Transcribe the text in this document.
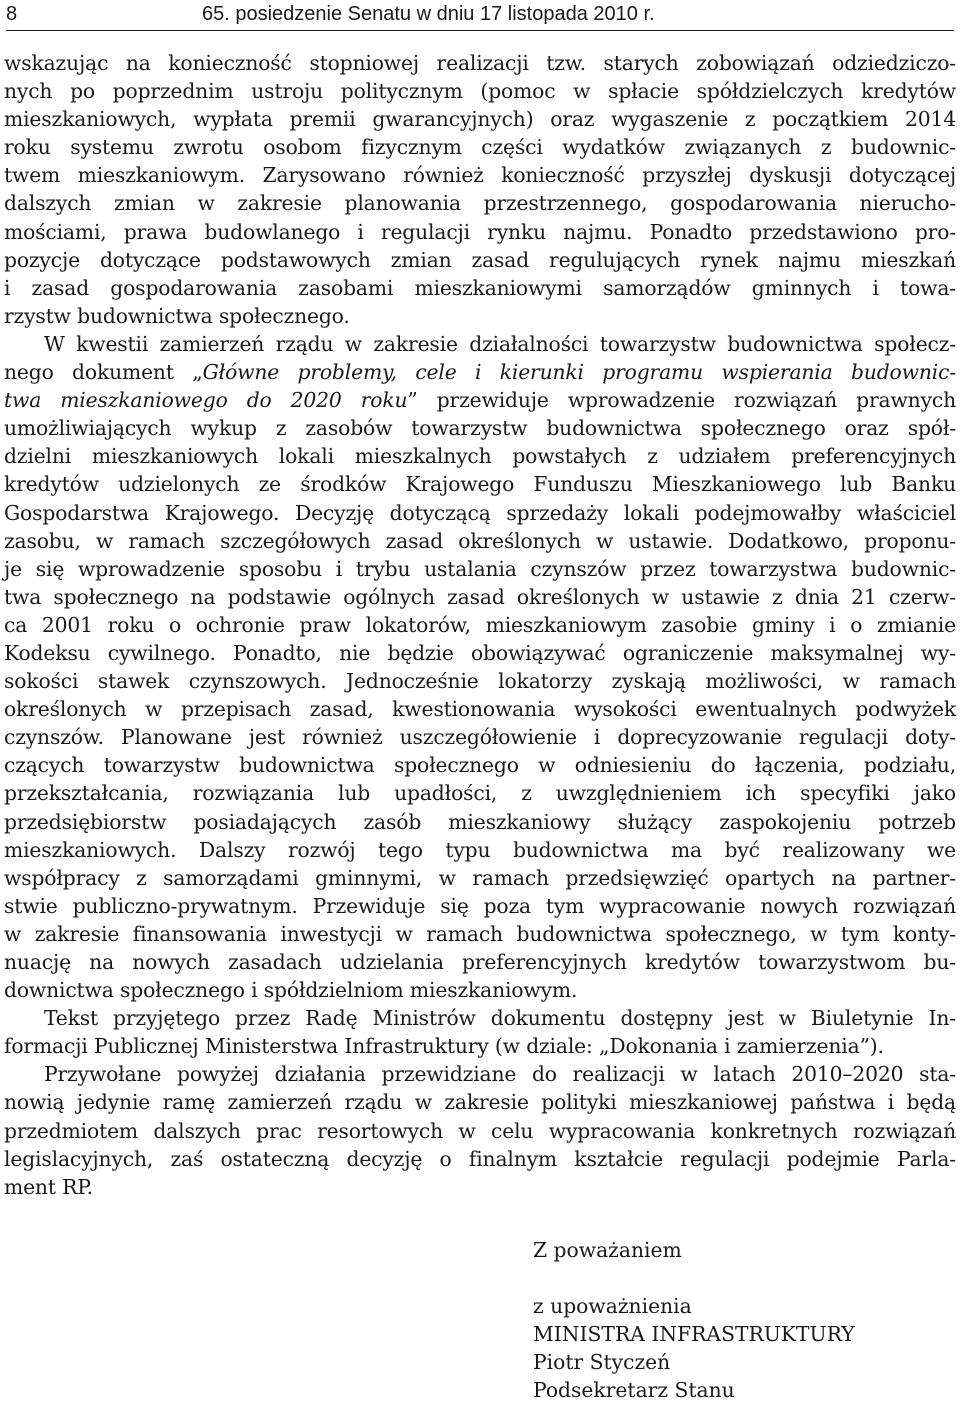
8	65. posiedzenie Senatu w dniu 17 listopada 2010 r.
wskazując na konieczność stopniowej realizacji tzw. starych zobowiązań odziedziczo-
nych po poprzednim ustroju politycznym (pomoc w spłacie spółdzielczych kredytów
mieszkaniowych, wypłata premii gwarancyjnych) oraz wygaszenie z początkiem 2014
roku systemu zwrotu osobom fizycznym części wydatków związanych z budownic-
twem mieszkaniowym. Zarysowano również konieczność przyszłej dyskusji dotyczącej
dalszych zmian w zakresie planowania przestrzennego, gospodarowania nierucho-
mościami, prawa budowlanego i regulacji rynku najmu. Ponadto przedstawiono pro-
pozycje dotyczące podstawowych zmian zasad regulujących rynek najmu mieszkań
i zasad gospodarowania zasobami mieszkaniowymi samorządów gminnych i towa-
rzystw budownictwa społecznego.
W kwestii zamierzeń rządu w zakresie działalności towarzystw budownictwa społecz-
nego dokument „Główne problemy, cele i kierunki programu wspierania budownic-
twa mieszkaniowego do 2020 roku” przewiduje wprowadzenie rozwiązań prawnych
umożliwiających wykup z zasobów towarzystw budownictwa społecznego oraz spół-
dzielni mieszkaniowych lokali mieszkalnych powstałych z udziałem preferencyjnych
kredytów udzielonych ze środków Krajowego Funduszu Mieszkaniowego lub Banku
Gospodarstwa Krajowego. Decyzję dotyczącą sprzedaży lokali podejmowałby właściciel
zasobu, w ramach szczegółowych zasad określonych w ustawie. Dodatkowo, proponu-
je się wprowadzenie sposobu i trybu ustalania czynszów przez towarzystwa budownic-
twa społecznego na podstawie ogólnych zasad określonych w ustawie z dnia 21 czerw-
ca 2001 roku o ochronie praw lokatorów, mieszkaniowym zasobie gminy i o zmianie
Kodeksu cywilnego. Ponadto, nie będzie obowiązywać ograniczenie maksymalnej wy-
sokości stawek czynszowych. Jednocześnie lokatorzy zyskają możliwości, w ramach
określonych w przepisach zasad, kwestionowania wysokości ewentualnych podwyżek
czynszów. Planowane jest również uszczegółowienie i doprecyzowanie regulacji doty-
czących towarzystw budownictwa społecznego w odniesieniu do łączenia, podziału,
przekształcania, rozwiązania lub upadłości, z uwzględnieniem ich specyfiki jako
przedsiębiorstw posiadających zasób mieszkaniowy służący zaspokojeniu potrzeb
mieszkaniowych. Dalszy rozwój tego typu budownictwa ma być realizowany we
współpracy z samorządami gminnymi, w ramach przedsięwzięć opartych na partner-
stwie publiczno-prywatnym. Przewiduje się poza tym wypracowanie nowych rozwiązań
w zakresie finansowania inwestycji w ramach budownictwa społecznego, w tym konty-
nuację na nowych zasadach udzielania preferencyjnych kredytów towarzystwom bu-
downictwa społecznego i spółdzielniom mieszkaniowym.
Tekst przyjętego przez Radę Ministrów dokumentu dostępny jest w Biuletynie In-
formacji Publicznej Ministerstwa Infrastruktury (w dziale: „Dokonania i zamierzenia”).
Przywołane powyżej działania przewidziane do realizacji w latach 2010–2020 sta-
nowią jedynie ramę zamierzeń rządu w zakresie polityki mieszkaniowej państwa i będą
przedmiotem dalszych prac resortowych w celu wypracowania konkretnych rozwiązań
legislacyjnych, zaś ostateczną decyzję o finalnym kształcie regulacji podejmie Parla-
ment RP.
Z poważaniem
z upoważnienia
MINISTRA INFRASTRUKTURY
Piotr Styczeń
Podsekretarz Stanu
